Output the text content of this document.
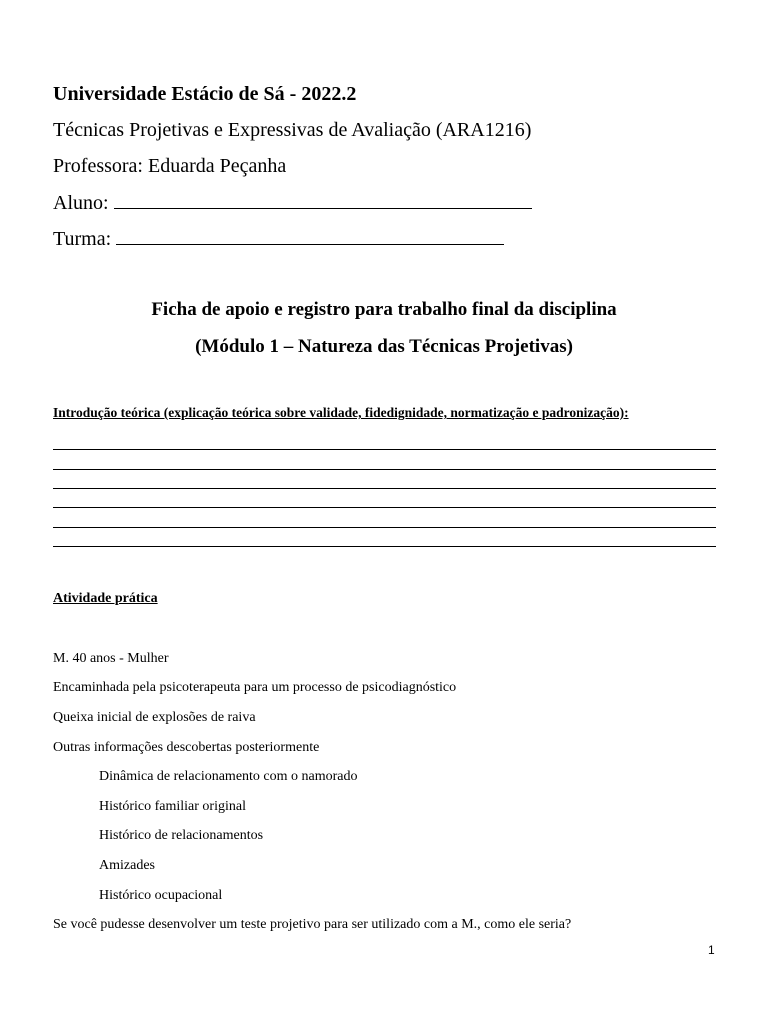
Universidade Estácio de Sá - 2022.2
Técnicas Projetivas e Expressivas de Avaliação (ARA1216)
Professora: Eduarda Peçanha
Aluno:
Turma:
Ficha de apoio e registro para trabalho final da disciplina
(Módulo 1 – Natureza das Técnicas Projetivas)
Introdução teórica (explicação teórica sobre validade, fidedignidade, normatização e padronização):
Atividade prática
M. 40 anos - Mulher
Encaminhada pela psicoterapeuta para um processo de psicodiagnóstico
Queixa inicial de explosões de raiva
Outras informações descobertas posteriormente
Dinâmica de relacionamento com o namorado
Histórico familiar original
Histórico de relacionamentos
Amizades
Histórico ocupacional
Se você pudesse desenvolver um teste projetivo para ser utilizado com a M., como ele seria?
1
